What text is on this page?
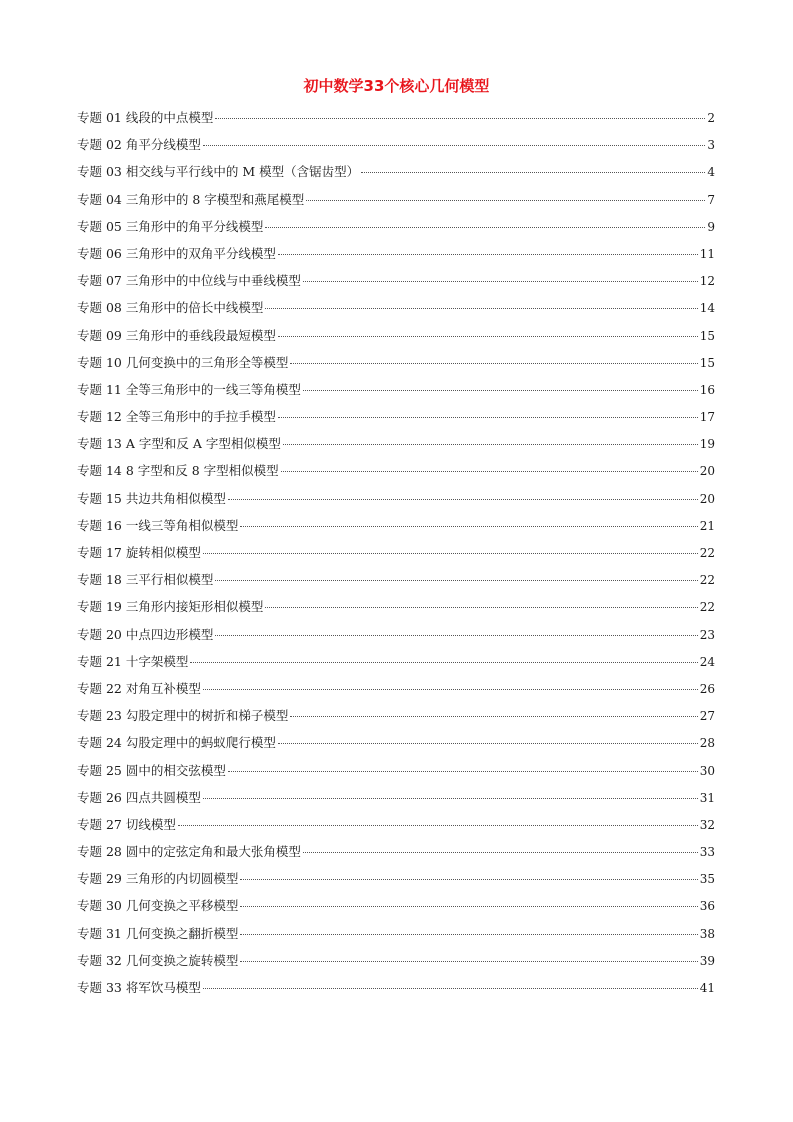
初中数学33个核心几何模型
专题 01 线段的中点模型	2
专题 02 角平分线模型	3
专题 03 相交线与平行线中的 M 模型（含锯齿型）	4
专题 04 三角形中的 8 字模型和燕尾模型	7
专题 05 三角形中的角平分线模型	9
专题 06 三角形中的双角平分线模型	11
专题 07 三角形中的中位线与中垂线模型	12
专题 08 三角形中的倍长中线模型	14
专题 09 三角形中的垂线段最短模型	15
专题 10 几何变换中的三角形全等模型	15
专题 11 全等三角形中的一线三等角模型	16
专题 12 全等三角形中的手拉手模型	17
专题 13 A 字型和反 A 字型相似模型	19
专题 14 8 字型和反 8 字型相似模型	20
专题 15 共边共角相似模型	20
专题 16 一线三等角相似模型	21
专题 17 旋转相似模型	22
专题 18 三平行相似模型	22
专题 19 三角形内接矩形相似模型	22
专题 20 中点四边形模型	23
专题 21 十字架模型	24
专题 22 对角互补模型	26
专题 23 勾股定理中的树折和梯子模型	27
专题 24 勾股定理中的蚂蚁爬行模型	28
专题 25 圆中的相交弦模型	30
专题 26 四点共圆模型	31
专题 27 切线模型	32
专题 28 圆中的定弦定角和最大张角模型	33
专题 29 三角形的内切圆模型	35
专题 30 几何变换之平移模型	36
专题 31 几何变换之翻折模型	38
专题 32 几何变换之旋转模型	39
专题 33 将军饮马模型	41
